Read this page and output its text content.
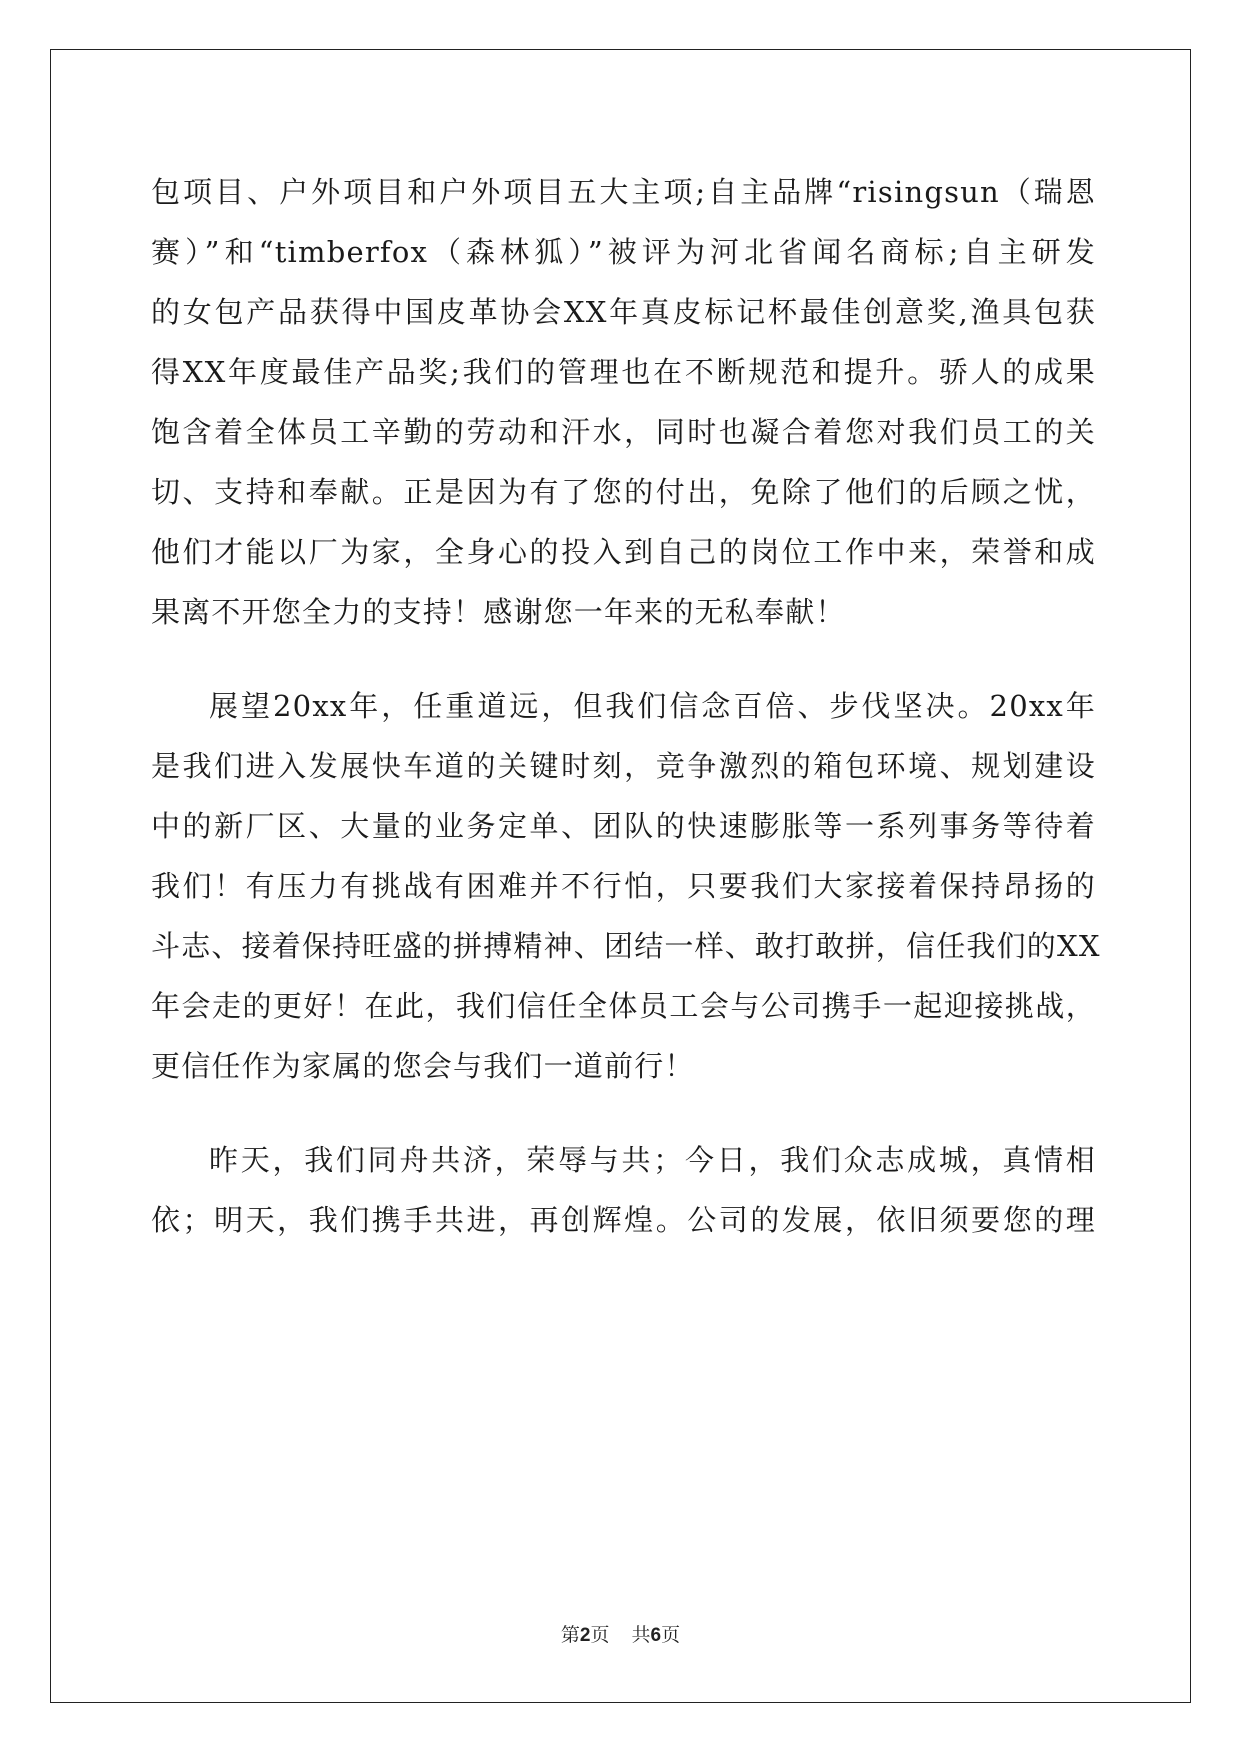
包项目、户外项目和户外项目五大主项;自主品牌“risingsun（瑞恩
赛）”和“timberfox（森林狐）”被评为河北省闻名商标;自主研发
的女包产品获得中国皮革协会XX年真皮标记杯最佳创意奖,渔具包获
得XX年度最佳产品奖;我们的管理也在不断规范和提升。骄人的成果
饱含着全体员工辛勤的劳动和汗水，同时也凝合着您对我们员工的关
切、支持和奉献。正是因为有了您的付出，免除了他们的后顾之忧，
他们才能以厂为家，全身心的投入到自己的岗位工作中来，荣誉和成
果离不开您全力的支持！感谢您一年来的无私奉献！
展望20xx年，任重道远，但我们信念百倍、步伐坚决。20xx年
是我们进入发展快车道的关键时刻，竞争激烈的箱包环境、规划建设
中的新厂区、大量的业务定单、团队的快速膨胀等一系列事务等待着
我们！有压力有挑战有困难并不行怕，只要我们大家接着保持昂扬的
斗志、接着保持旺盛的拼搏精神、团结一样、敢打敢拼，信任我们的XX
年会走的更好！在此，我们信任全体员工会与公司携手一起迎接挑战，
更信任作为家属的您会与我们一道前行！
昨天，我们同舟共济，荣辱与共；今日，我们众志成城，真情相
依；明天，我们携手共进，再创辉煌。公司的发展，依旧须要您的理
第2页 共6页
